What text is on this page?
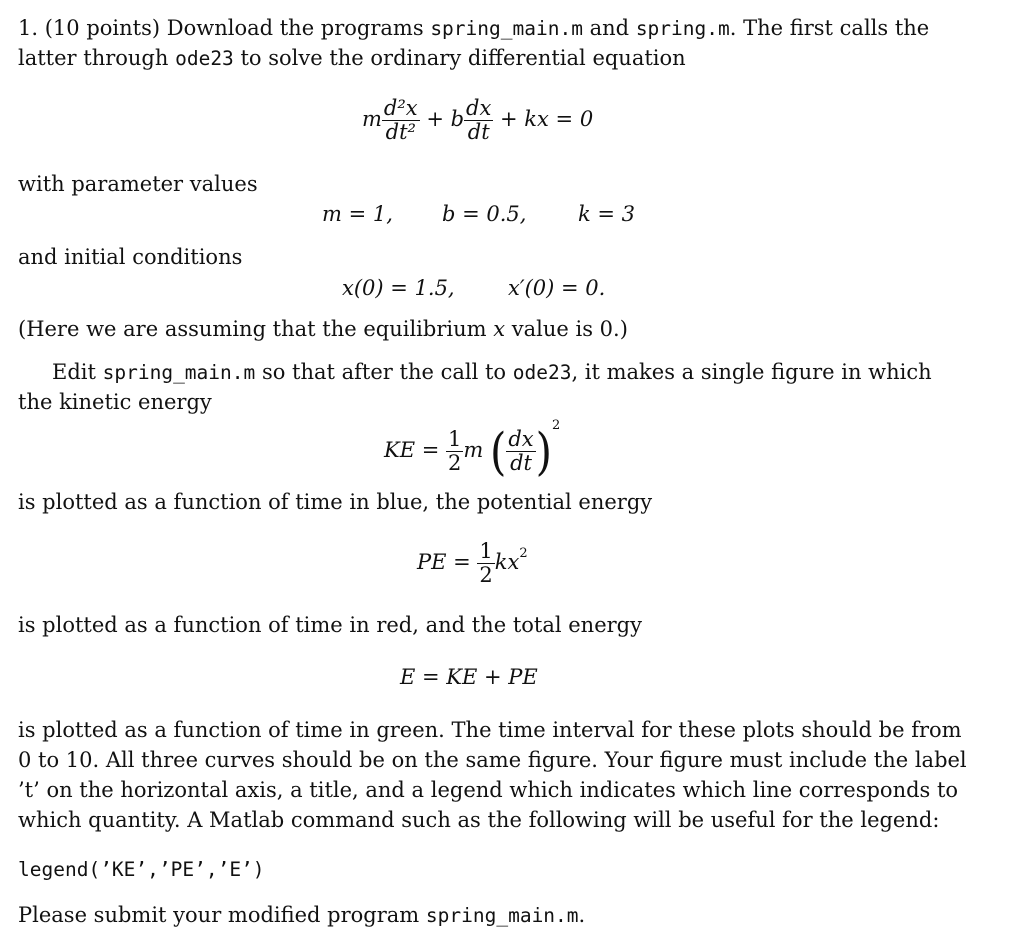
1. (10 points) Download the programs spring_main.m and spring.m. The first calls the
latter through ode23 to solve the ordinary differential equation
m $\frac{\text{d²x}}{\text{dt²}} + b \frac{dx}{dt}$ + kx = 0
with parameter values
m = 1, b = 0.5, k = 3
and initial conditions
x(0) = 1.5,	x′(0) = 0.
(Here we are assuming that the equilibrium x value is 0.)
Edit spring_main.m so that after the call to ode23, it makes a single figure in which
the kinetic energy
KE = $\frac{1}{2}$ m ( $\frac{dx}{dt} )^2$
is plotted as a function of time in blue, the potential energy
PE = $\frac{1}{2} kx^2$
is plotted as a function of time in red, and the total energy
E = KE + PE
is plotted as a function of time in green. The time interval for these plots should be from
0 to 10. All three curves should be on the same figure. Your figure must include the label
’t’ on the horizontal axis, a title, and a legend which indicates which line corresponds to
which quantity. A Matlab command such as the following will be useful for the legend:
legend(’KE’,’PE’,’E’)
Please submit your modified program spring_main.m.
